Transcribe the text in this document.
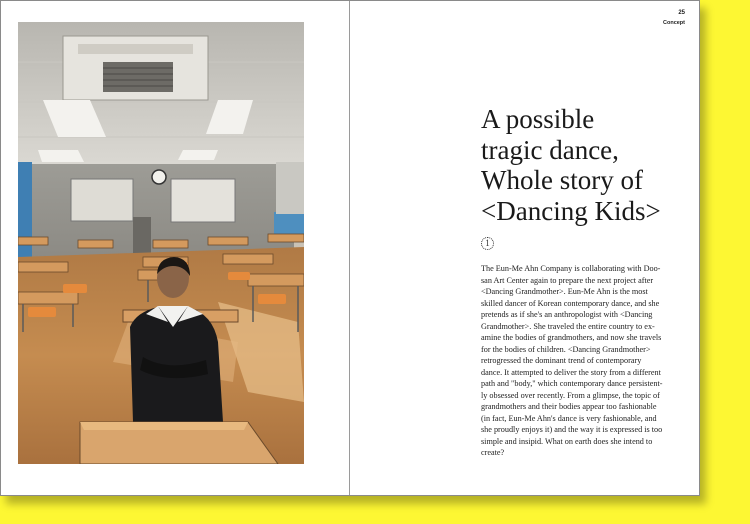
25
Concept
A possible
tragic dance,
Whole story of
<Dancing Kids>
1
The Eun-Me Ahn Company is collaborating with Doo-
san Art Center again to prepare the next project after
<Dancing Grandmother>. Eun-Me Ahn is the most
skilled dancer of Korean contemporary dance, and she
pretends as if she's an anthropologist with <Dancing
Grandmother>. She traveled the entire country to ex-
amine the bodies of grandmothers, and now she travels
for the bodies of children. <Dancing Grandmother>
retrogressed the dominant trend of contemporary
dance. It attempted to deliver the story from a different
path and "body," which contemporary dance persistent-
ly obsessed over recently. From a glimpse, the topic of
grandmothers and their bodies appear too fashionable
(in fact, Eun-Me Ahn's dance is very fashionable, and
she proudly enjoys it) and the way it is expressed is too
simple and insipid. What on earth does she intend to
create?
